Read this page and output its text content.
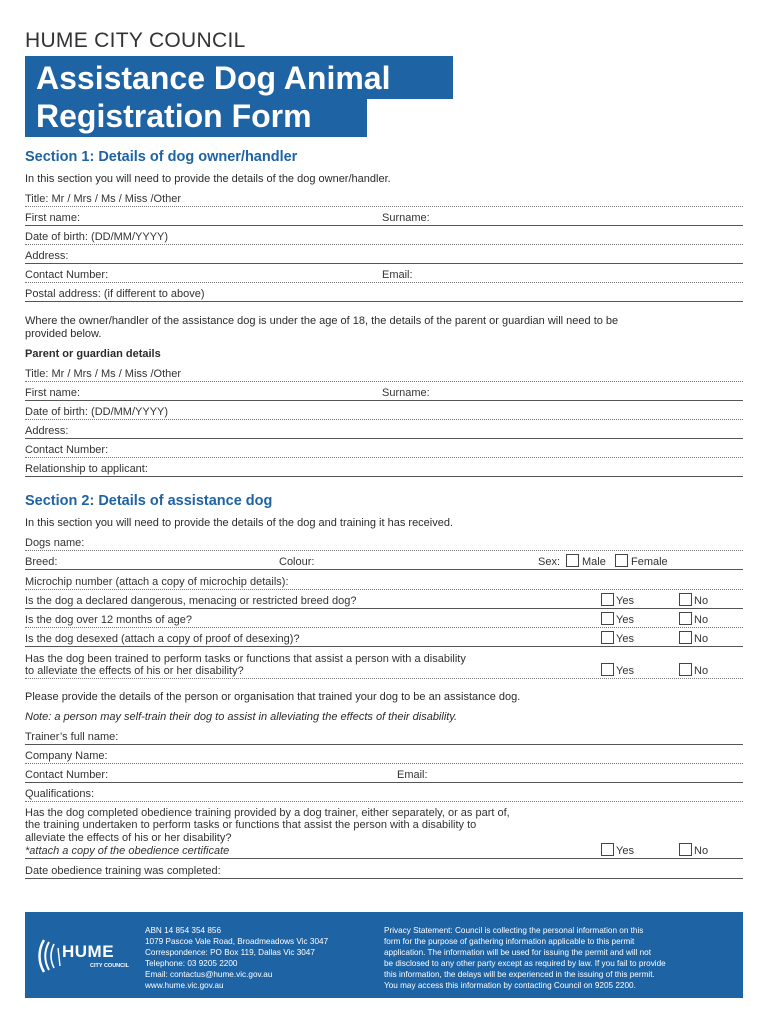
HUME CITY COUNCIL
Assistance Dog Animal
Registration Form
Section 1: Details of dog owner/handler
In this section you will need to provide the details of the dog owner/handler.
Title: Mr / Mrs / Ms / Miss /Other
First name:	Surname:
Date of birth: (DD/MM/YYYY)
Address:
Contact Number:	Email:
Postal address: (if different to above)
Where the owner/handler of the assistance dog is under the age of 18, the details of the parent or guardian will need to be
provided below.
Parent or guardian details
Title: Mr / Mrs / Ms / Miss /Other
First name:	Surname:
Date of birth: (DD/MM/YYYY)
Address:
Contact Number:
Relationship to applicant:
Section 2: Details of assistance dog
In this section you will need to provide the details of the dog and training it has received.
Dogs name:
Breed:	Colour:	Sex: Male Female
Microchip number (attach a copy of microchip details):
Is the dog a declared dangerous, menacing or restricted breed dog?	Yes	No
Is the dog over 12 months of age?	Yes	No
Is the dog desexed (attach a copy of proof of desexing)?	Yes	No
Has the dog been trained to perform tasks or functions that assist a person with a disability
to alleviate the effects of his or her disability?	Yes	No
Please provide the details of the person or organisation that trained your dog to be an assistance dog.
Note: a person may self-train their dog to assist in alleviating the effects of their disability.
Trainer’s full name:
Company Name:
Contact Number:	Email:
Qualifications:
Has the dog completed obedience training provided by a dog trainer, either separately, or as part of,
the training undertaken to perform tasks or functions that assist the person with a disability to
alleviate the effects of his or her disability?
*attach a copy of the obedience certificate	Yes	No
Date obedience training was completed:
HUME
CITY COUNCIL
ABN 14 854 354 856
1079 Pascoe Vale Road, Broadmeadows Vic 3047
Correspondence: PO Box 119, Dallas Vic 3047
Telephone: 03 9205 2200
Email: contactus@hume.vic.gov.au
www.hume.vic.gov.au
Privacy Statement: Council is collecting the personal information on this
form for the purpose of gathering information applicable to this permit
application. The information will be used for issuing the permit and will not
be disclosed to any other party except as required by law. If you fail to provide
this information, the delays will be experienced in the issuing of this permit.
You may access this information by contacting Council on 9205 2200.
